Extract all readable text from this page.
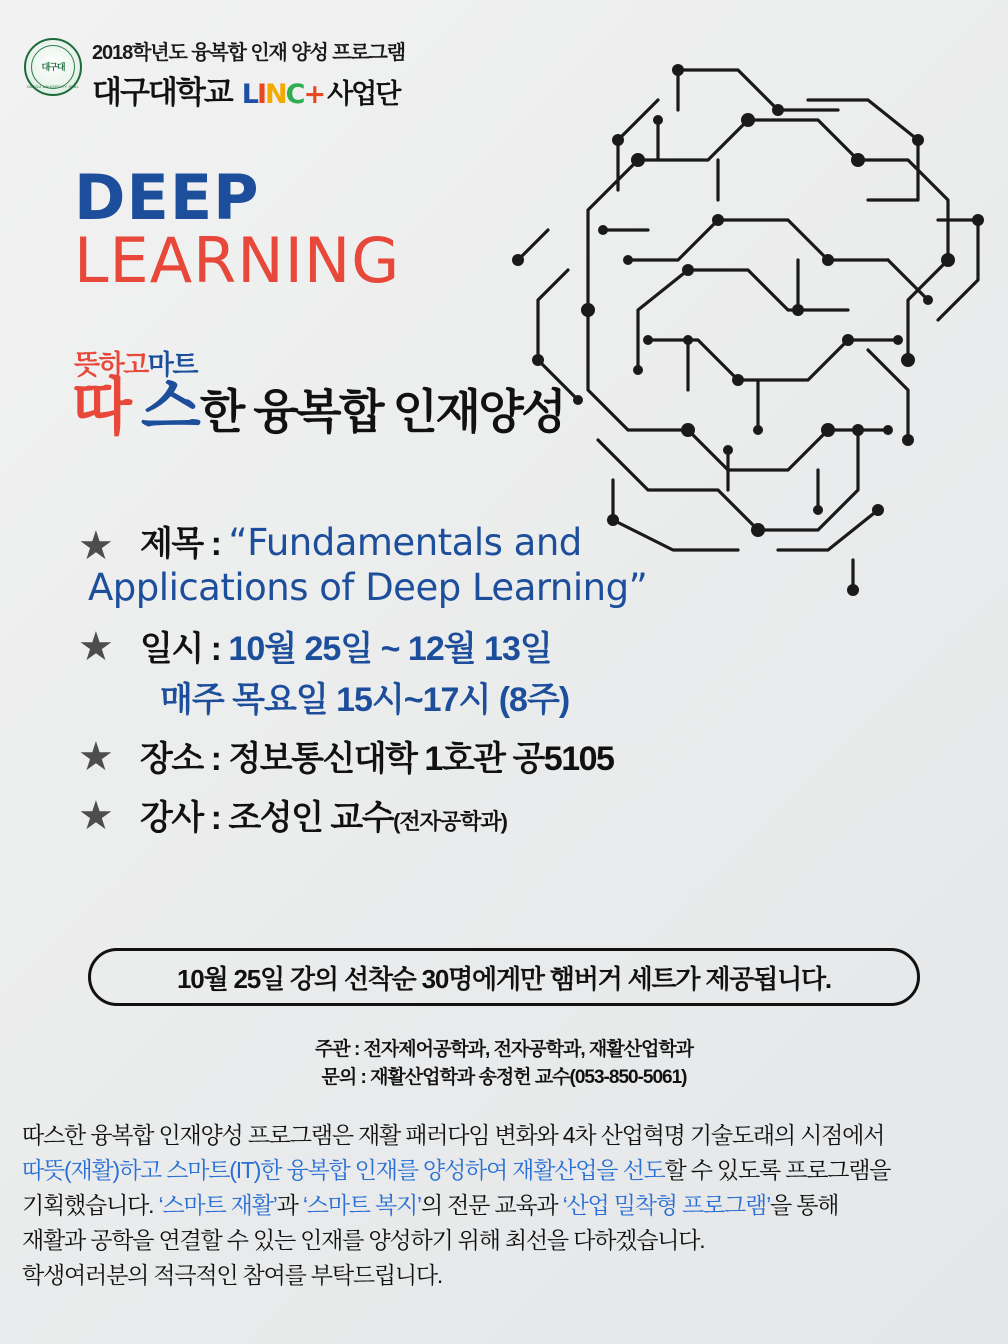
대구대
DAEGU UNIVERSITY SEAL
2018학년도 융복합 인재 양성 프로그램
대구대학교 LINC+ 사업단
DEEP
LEARNING
뜻하고 마트
따 스 한 융복합 인재양성
★ 제목 : “Fundamentals and
Applications of Deep Learning”
★ 일시 : 10월 25일 ~ 12월 13일
매주 목요일 15시~17시 (8주)
★ 장소 : 정보통신대학 1호관 공5105
★ 강사 : 조성인 교수(전자공학과)
10월 25일 강의 선착순 30명에게만 햄버거 세트가 제공됩니다.
주관 : 전자제어공학과, 전자공학과, 재활산업학과
문의 : 재활산업학과 송정헌 교수(053-850-5061)
따스한 융복합 인재양성 프로그램은 재활 패러다임 변화와 4차 산업혁명 기술도래의 시점에서
따뜻(재활)하고 스마트(IT)한 융복합 인재를 양성하여 재활산업을 선도할 수 있도록 프로그램을
기획했습니다. ‘스마트 재활’과 ‘스마트 복지’의 전문 교육과 ‘산업 밀착형 프로그램’을 통해
재활과 공학을 연결할 수 있는 인재를 양성하기 위해 최선을 다하겠습니다.
학생여러분의 적극적인 참여를 부탁드립니다.
